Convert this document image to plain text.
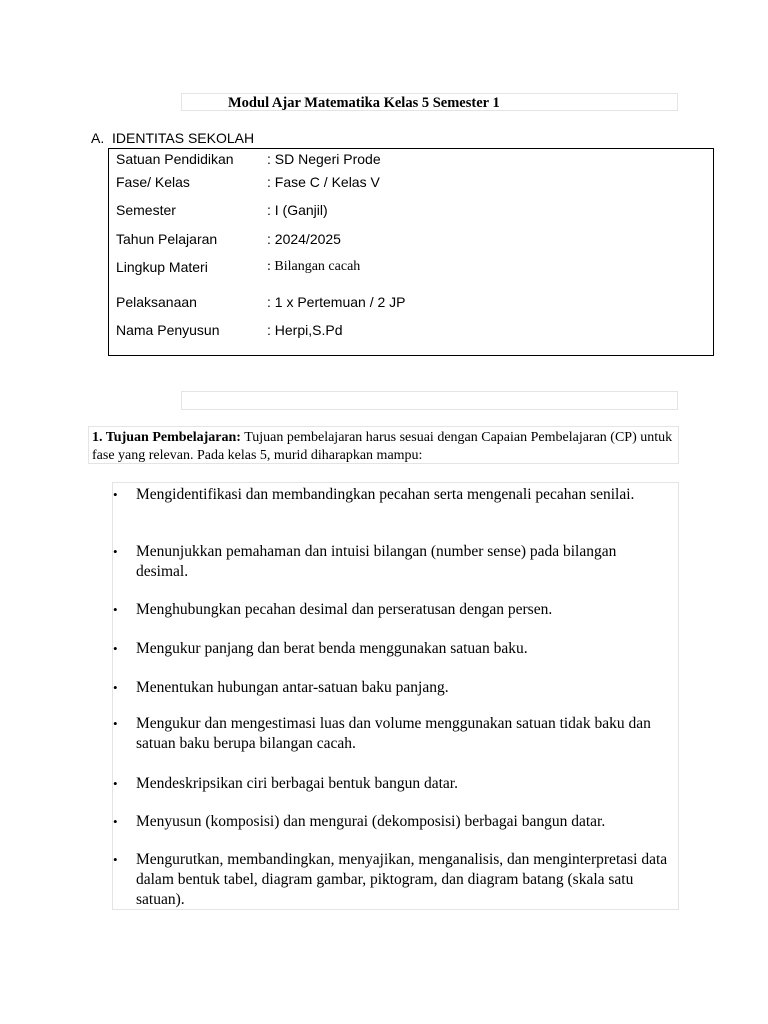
Modul Ajar Matematika Kelas 5 Semester 1
A. IDENTITAS SEKOLAH
Satuan Pendidikan : SD Negeri Prode
Fase/ Kelas	: Fase C / Kelas V
Semester	: I (Ganjil)
Tahun Pelajaran	: 2024/2025
Lingkup Materi	: Bilangan cacah
Pelaksanaan	: 1 x Pertemuan / 2 JP
Nama Penyusun	: Herpi,S.Pd
1. Tujuan Pembelajaran: Tujuan pembelajaran harus sesuai dengan Capaian Pembelajaran (CP) untuk fase yang relevan. Pada kelas 5, murid diharapkan mampu:
•	Mengidentifikasi dan membandingkan pecahan serta mengenali pecahan senilai.
•	Menunjukkan pemahaman dan intuisi bilangan (number sense) pada bilangan desimal.
•	Menghubungkan pecahan desimal dan perseratusan dengan persen.
•	Mengukur panjang dan berat benda menggunakan satuan baku.
•	Menentukan hubungan antar-satuan baku panjang.
•	Mengukur dan mengestimasi luas dan volume menggunakan satuan tidak baku dan satuan baku berupa bilangan cacah.
•	Mendeskripsikan ciri berbagai bentuk bangun datar.
•	Menyusun (komposisi) dan mengurai (dekomposisi) berbagai bangun datar.
•	Mengurutkan, membandingkan, menyajikan, menganalisis, dan menginterpretasi data dalam bentuk tabel, diagram gambar, piktogram, dan diagram batang (skala satu satuan).
